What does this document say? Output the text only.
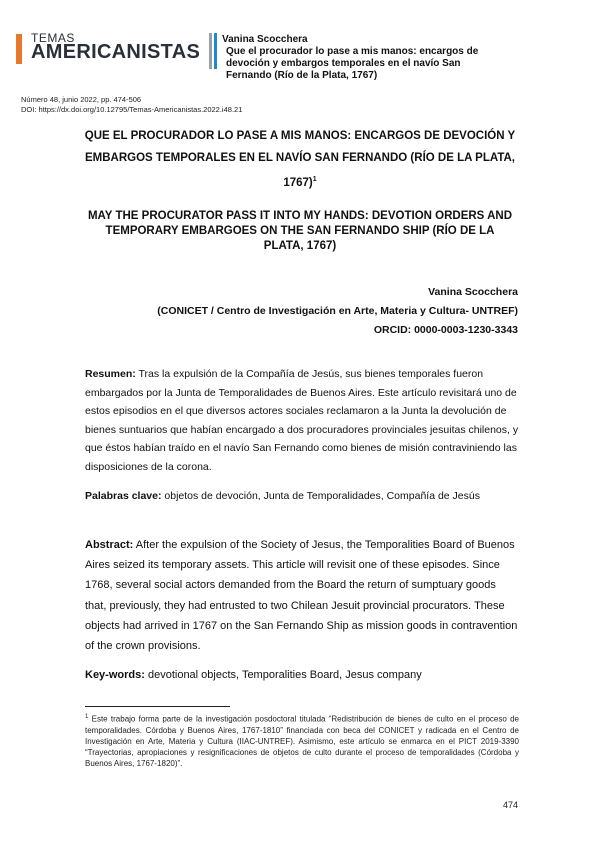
TEMAS
AMERICANISTAS
Vanina Scocchera
Que el procurador lo pase a mis manos: encargos de devoción y embargos temporales en el navío San Fernando (Río de la Plata, 1767)
Número 48, junio 2022, pp. 474-506
DOI: https://dx.doi.org/10.12795/Temas-Americanistas.2022.i48.21
QUE EL PROCURADOR LO PASE A MIS MANOS: ENCARGOS DE DEVOCIÓN Y EMBARGOS TEMPORALES EN EL NAVÍO SAN FERNANDO (RÍO DE LA PLATA, 1767)$^1$
MAY THE PROCURATOR PASS IT INTO MY HANDS: DEVOTION ORDERS AND TEMPORARY EMBARGOES ON THE SAN FERNANDO SHIP (RÍO DE LA PLATA, 1767)
Vanina Scocchera
(CONICET / Centro de Investigación en Arte, Materia y Cultura- UNTREF)
ORCID: 0000-0003-1230-3343
Resumen: Tras la expulsión de la Compañía de Jesús, sus bienes temporales fueron embargados por la Junta de Temporalidades de Buenos Aires. Este artículo revisitará uno de estos episodios en el que diversos actores sociales reclamaron a la Junta la devolución de bienes suntuarios que habían encargado a dos procuradores provinciales jesuitas chilenos, y que éstos habían traído en el navío San Fernando como bienes de misión contraviniendo las disposiciones de la corona.
Palabras clave: objetos de devoción, Junta de Temporalidades, Compañía de Jesús
Abstract: After the expulsion of the Society of Jesus, the Temporalities Board of Buenos Aires seized its temporary assets. This article will revisit one of these episodes. Since 1768, several social actors demanded from the Board the return of sumptuary goods that, previously, they had entrusted to two Chilean Jesuit provincial procurators. These objects had arrived in 1767 on the San Fernando Ship as mission goods in contravention of the crown provisions.
Key-words: devotional objects, Temporalities Board, Jesus company
$^1$ Este trabajo forma parte de la investigación posdoctoral titulada “Redistribución de bienes de culto en el proceso de temporalidades. Córdoba y Buenos Aires, 1767-1810” financiada con beca del CONICET y radicada en el Centro de Investigación en Arte, Materia y Cultura (IIAC-UNTREF). Asimismo, este artículo se enmarca en el PICT 2019-3390 “Trayectorias, apropiaciones y resignificaciones de objetos de culto durante el proceso de temporalidades (Córdoba y Buenos Aires, 1767-1820)”.
474
